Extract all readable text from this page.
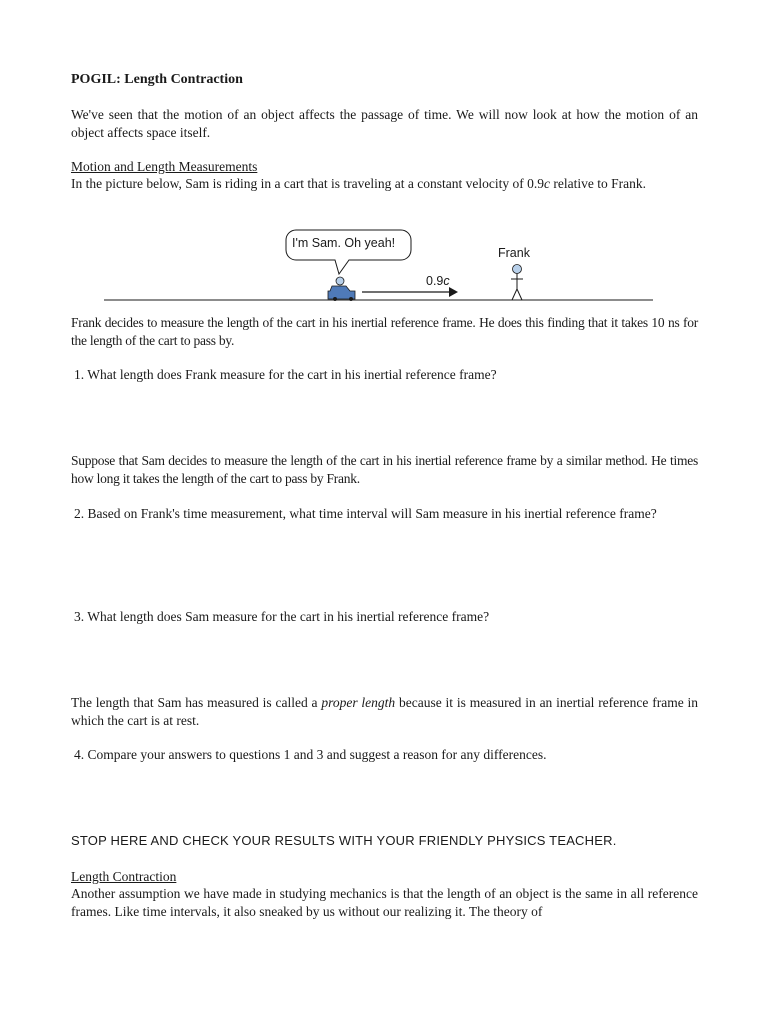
POGIL: Length Contraction

We've seen that the motion of an object affects the passage of time. We will now look at how the motion of an object affects space itself.

Motion and Length Measurements

In the picture below, Sam is riding in a cart that is traveling at a constant velocity of 0.9c relative to Frank.

I'm Sam. Oh yeah!
0.9c
Frank

Frank decides to measure the length of the cart in his inertial reference frame. He does this finding that it takes 10 ns for the length of the cart to pass by.

1. What length does Frank measure for the cart in his inertial reference frame?

Suppose that Sam decides to measure the length of the cart in his inertial reference frame by a similar method. He times how long it takes the length of the cart to pass by Frank.

2. Based on Frank's time measurement, what time interval will Sam measure in his inertial reference frame?

3. What length does Sam measure for the cart in his inertial reference frame?

The length that Sam has measured is called a proper length because it is measured in an inertial reference frame in which the cart is at rest.

4. Compare your answers to questions 1 and 3 and suggest a reason for any differences.

STOP HERE AND CHECK YOUR RESULTS WITH YOUR FRIENDLY PHYSICS TEACHER.

Length Contraction

Another assumption we have made in studying mechanics is that the length of an object is the same in all reference frames. Like time intervals, it also sneaked by us without our realizing it. The theory of
